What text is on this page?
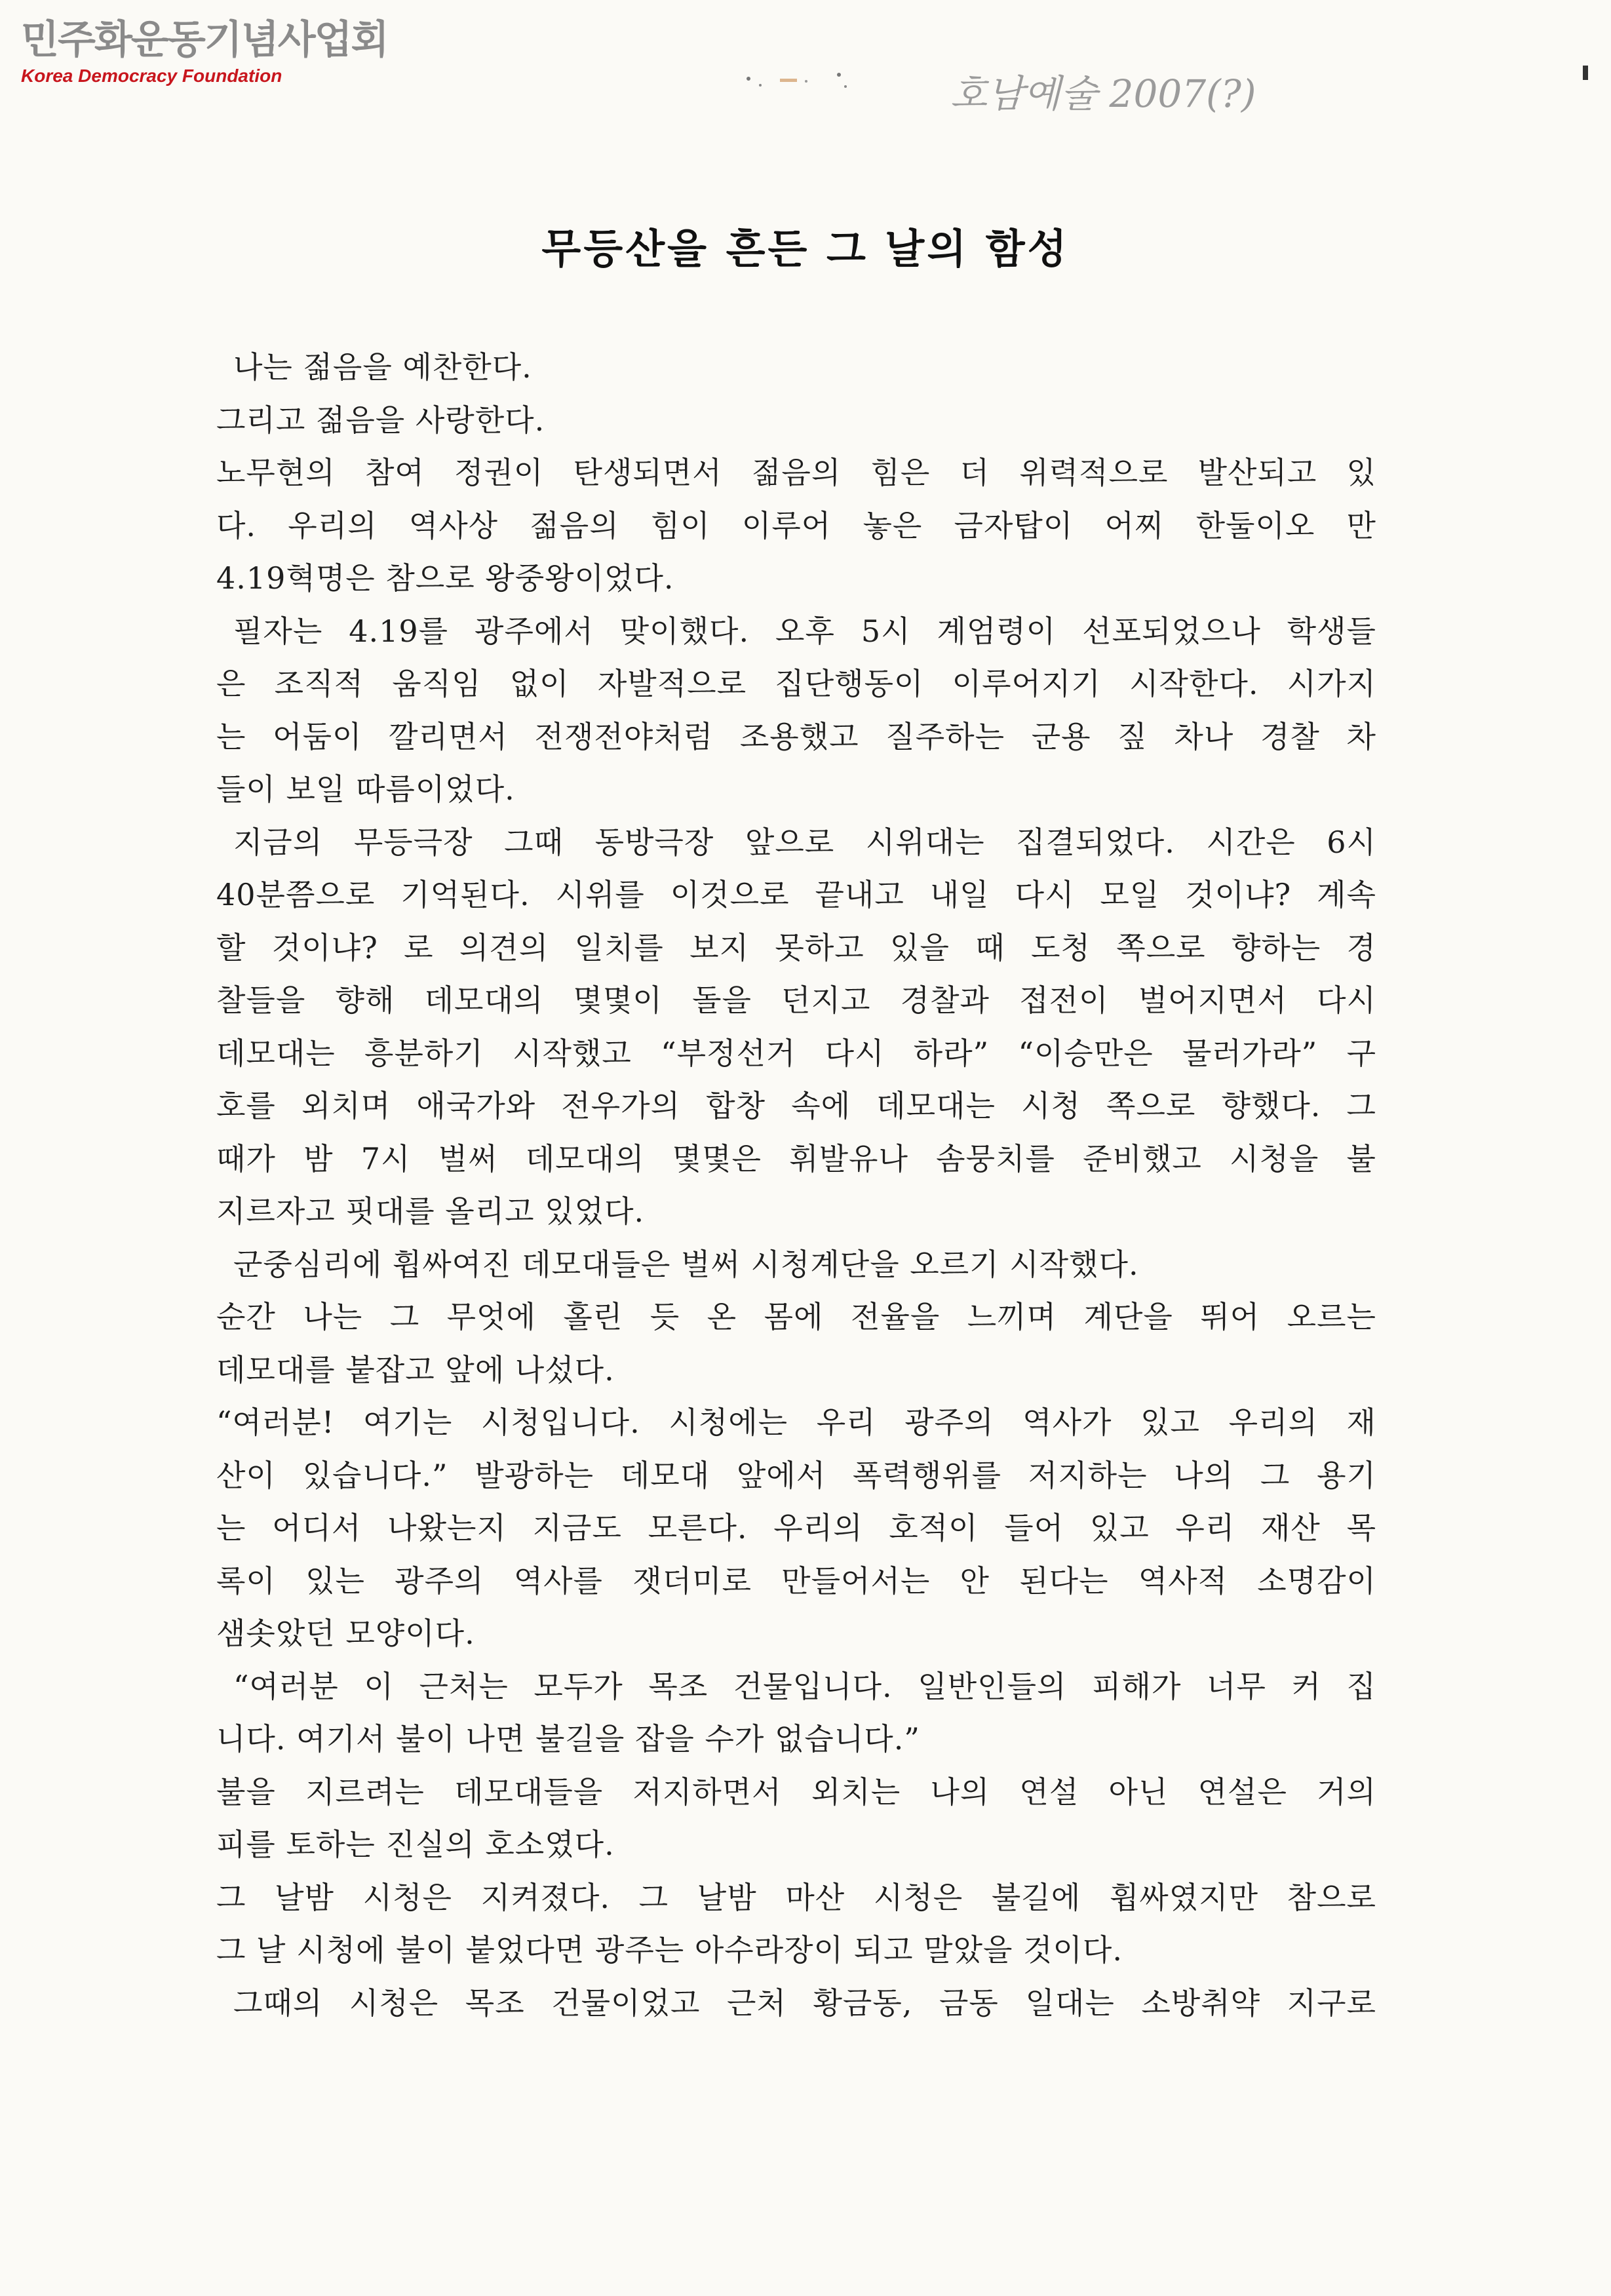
민주화운동기념사업회
Korea Democracy Foundation	호남예술 2007(?)
무등산을 흔든 그 날의 함성
나는 젊음을 예찬한다.
그리고 젊음을 사랑한다.
노무현의 참여 정권이 탄생되면서 젊음의 힘은 더 위력적으로 발산되고 있
다. 우리의 역사상 젊음의 힘이 이루어 놓은 금자탑이 어찌 한둘이오 만
4.19혁명은 참으로 왕중왕이었다.
필자는 4.19를 광주에서 맞이했다. 오후 5시 계엄령이 선포되었으나 학생들
은 조직적 움직임 없이 자발적으로 집단행동이 이루어지기 시작한다. 시가지
는 어둠이 깔리면서 전쟁전야처럼 조용했고 질주하는 군용 짚 차나 경찰 차
들이 보일 따름이었다.
지금의 무등극장 그때 동방극장 앞으로 시위대는 집결되었다. 시간은 6시
40분쯤으로 기억된다. 시위를 이것으로 끝내고 내일 다시 모일 것이냐? 계속
할 것이냐? 로 의견의 일치를 보지 못하고 있을 때 도청 쪽으로 향하는 경
찰들을 향해 데모대의 몇몇이 돌을 던지고 경찰과 접전이 벌어지면서 다시
데모대는 흥분하기 시작했고 “부정선거 다시 하라” “이승만은 물러가라” 구
호를 외치며 애국가와 전우가의 합창 속에 데모대는 시청 쪽으로 향했다. 그
때가 밤 7시 벌써 데모대의 몇몇은 휘발유나 솜뭉치를 준비했고 시청을 불
지르자고 핏대를 올리고 있었다.
군중심리에 휩싸여진 데모대들은 벌써 시청계단을 오르기 시작했다.
순간 나는 그 무엇에 홀린 듯 온 몸에 전율을 느끼며 계단을 뛰어 오르는
데모대를 붙잡고 앞에 나섰다.
“여러분! 여기는 시청입니다. 시청에는 우리 광주의 역사가 있고 우리의 재
산이 있습니다.” 발광하는 데모대 앞에서 폭력행위를 저지하는 나의 그 용기
는 어디서 나왔는지 지금도 모른다. 우리의 호적이 들어 있고 우리 재산 목
록이 있는 광주의 역사를 잿더미로 만들어서는 안 된다는 역사적 소명감이
샘솟았던 모양이다.
“여러분 이 근처는 모두가 목조 건물입니다. 일반인들의 피해가 너무 커 집
니다. 여기서 불이 나면 불길을 잡을 수가 없습니다.”
불을 지르려는 데모대들을 저지하면서 외치는 나의 연설 아닌 연설은 거의
피를 토하는 진실의 호소였다.
그 날밤 시청은 지켜졌다. 그 날밤 마산 시청은 불길에 휩싸였지만 참으로
그 날 시청에 불이 붙었다면 광주는 아수라장이 되고 말았을 것이다.
그때의 시청은 목조 건물이었고 근처 황금동, 금동 일대는 소방취약 지구로
